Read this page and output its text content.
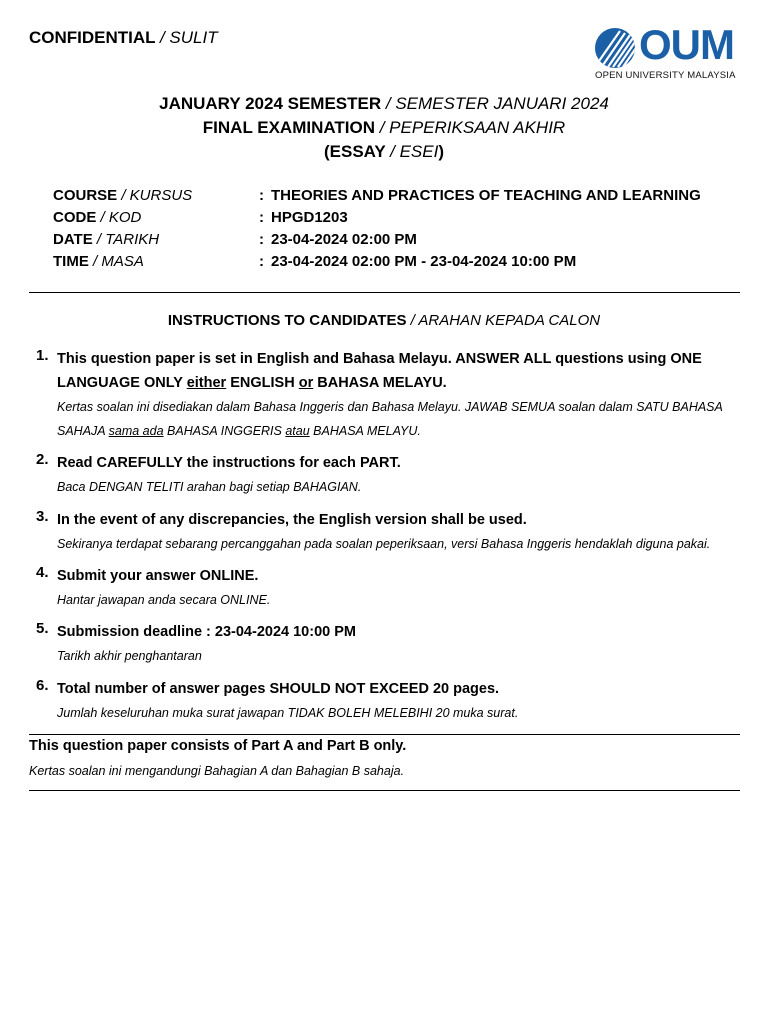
CONFIDENTIAL / SULIT	OUM
OPEN UNIVERSITY MALAYSIA
JANUARY 2024 SEMESTER / SEMESTER JANUARI 2024
FINAL EXAMINATION / PEPERIKSAAN AKHIR
(ESSAY / ESEI)
COURSE / KURSUS	: THEORIES AND PRACTICES OF TEACHING AND LEARNING
CODE / KOD	: HPGD1203
DATE / TARIKH	: 23-04-2024 02:00 PM
TIME / MASA	: 23-04-2024 02:00 PM - 23-04-2024 10:00 PM
INSTRUCTIONS TO CANDIDATES / ARAHAN KEPADA CALON
1. This question paper is set in English and Bahasa Melayu. ANSWER ALL questions using ONE
LANGUAGE ONLY either ENGLISH or BAHASA MELAYU.
Kertas soalan ini disediakan dalam Bahasa Inggeris dan Bahasa Melayu. JAWAB SEMUA soalan dalam SATU BAHASA
SAHAJA sama ada BAHASA INGGERIS atau BAHASA MELAYU.
2. Read CAREFULLY the instructions for each PART.
Baca DENGAN TELITI arahan bagi setiap BAHAGIAN.
3. In the event of any discrepancies, the English version shall be used.
Sekiranya terdapat sebarang percanggahan pada soalan peperiksaan, versi Bahasa Inggeris hendaklah diguna pakai.
4. Submit your answer ONLINE.
Hantar jawapan anda secara ONLINE.
5. Submission deadline : 23-04-2024 10:00 PM
Tarikh akhir penghantaran
6. Total number of answer pages SHOULD NOT EXCEED 20 pages.
Jumlah keseluruhan muka surat jawapan TIDAK BOLEH MELEBIHI 20 muka surat.
This question paper consists of Part A and Part B only.
Kertas soalan ini mengandungi Bahagian A dan Bahagian B sahaja.
